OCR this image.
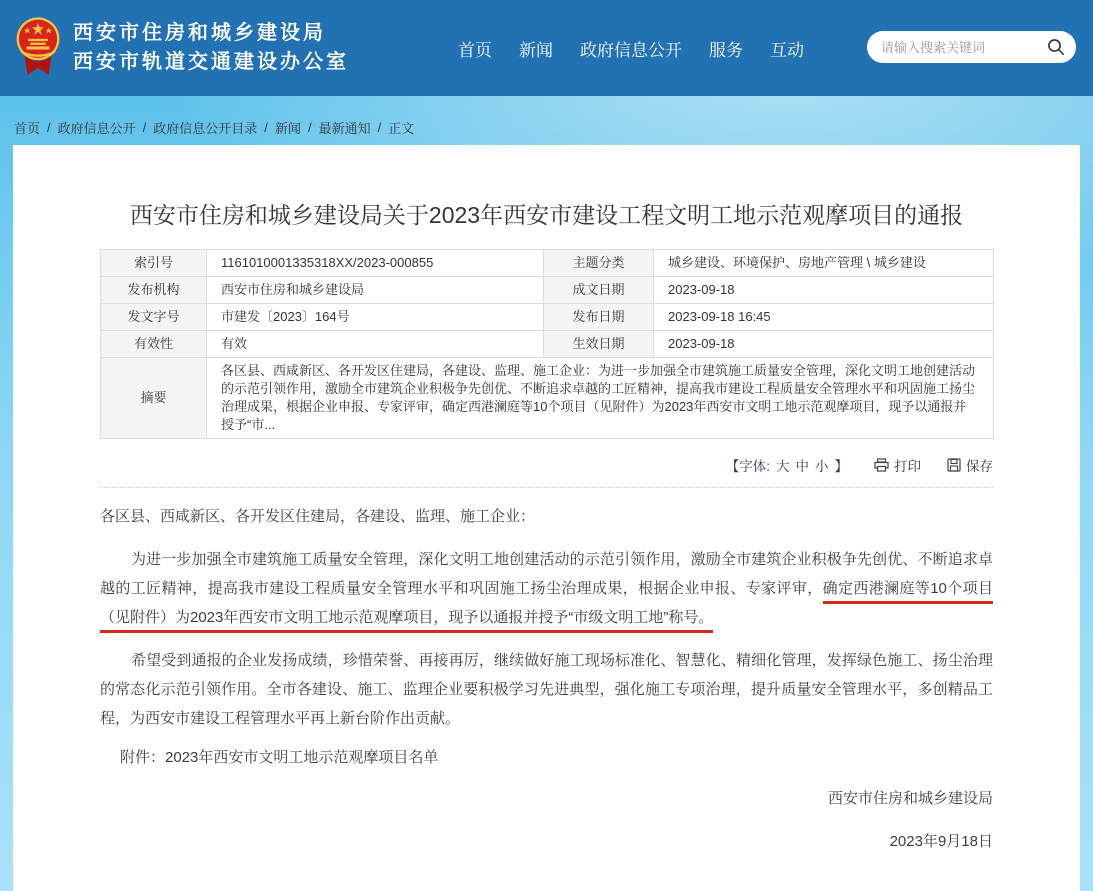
西安市住房和城乡建设局
西安市轨道交通建设办公室
首页 新闻 政府信息公开 服务 互动
请输入搜索关键词
首页 / 政府信息公开 / 政府信息公开目录 / 新闻 / 最新通知 / 正文
西安市住房和城乡建设局关于2023年西安市建设工程文明工地示范观摩项目的通报
索引号	1161010001335318XX/2023-000855	主题分类	城乡建设、环境保护、房地产管理 \ 城乡建设
发布机构	西安市住房和城乡建设局	成文日期	2023-09-18
发文字号	市建发〔2023〕164号	发布日期	2023-09-18 16:45
有效性	有效	生效日期	2023-09-18
摘要	各区县、西咸新区、各开发区住建局，各建设、监理、施工企业：为进一步加强全市建筑施工质量安全管理，深化文明工地创建活动的示范引领作用，激励全市建筑企业积极争先创优、不断追求卓越的工匠精神，提高我市建设工程质量安全管理水平和巩固施工扬尘治理成果，根据企业申报、专家评审，确定西港澜庭等10个项目（见附件）为2023年西安市文明工地示范观摩项目，现予以通报并授予“市...		
【字体: 大 中 小 】	打印	保存
各区县、西咸新区、各开发区住建局，各建设、监理、施工企业：

为进一步加强全市建筑施工质量安全管理，深化文明工地创建活动的示范引领作用，激励全市建筑企业积极争先创优、不断追求卓越的工匠精神，提高我市建设工程质量安全管理水平和巩固施工扬尘治理成果，根据企业申报、专家评审，确定西港澜庭等10个项目（见附件）为2023年西安市文明工地示范观摩项目，现予以通报并授予“市级文明工地”称号。

希望受到通报的企业发扬成绩，珍惜荣誉、再接再厉，继续做好施工现场标准化、智慧化、精细化管理，发挥绿色施工、扬尘治理的常态化示范引领作用。全市各建设、施工、监理企业要积极学习先进典型，强化施工专项治理，提升质量安全管理水平，多创精品工程，为西安市建设工程管理水平再上新台阶作出贡献。

附件：2023年西安市文明工地示范观摩项目名单
西安市住房和城乡建设局
2023年9月18日
